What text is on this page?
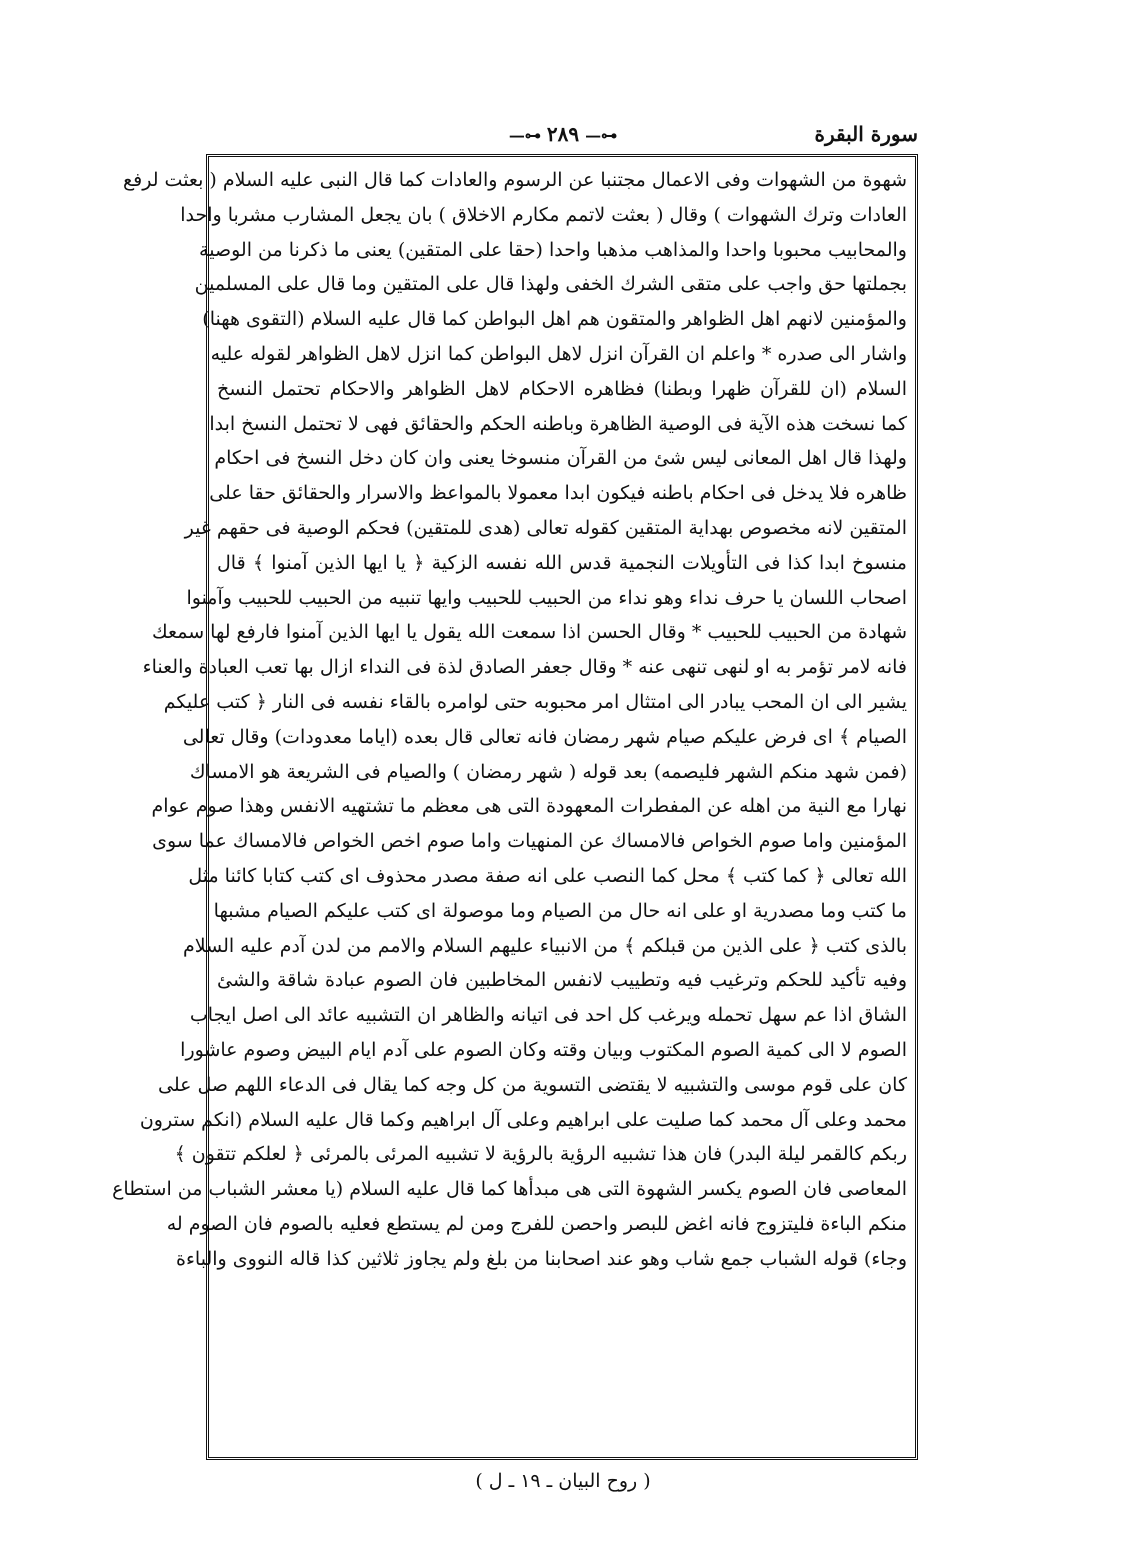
سورة البقرة
—⊶ ٢٨٩ —⊶
شهوة من الشهوات وفى الاعمال مجتنبا عن الرسوم والعادات كما قال النبى عليه السلام ( بعثت لرفع
العادات وترك الشهوات ) وقال ( بعثت لاتمم مكارم الاخلاق ) بان يجعل المشارب مشربا واحدا
والمحابيب محبوبا واحدا والمذاهب مذهبا واحدا (حقا على المتقين) يعنى ما ذكرنا من الوصية
بجملتها حق واجب على متقى الشرك الخفى ولهذا قال على المتقين وما قال على المسلمين
والمؤمنين لانهم اهل الظواهر والمتقون هم اهل البواطن كما قال عليه السلام (التقوى ههنا)
واشار الى صدره * واعلم ان القرآن انزل لاهل البواطن كما انزل لاهل الظواهر لقوله عليه
السلام (ان للقرآن ظهرا وبطنا) فظاهره الاحكام لاهل الظواهر والاحكام تحتمل النسخ
كما نسخت هذه الآية فى الوصية الظاهرة وباطنه الحكم والحقائق فهى لا تحتمل النسخ ابدا
ولهذا قال اهل المعانى ليس شئ من القرآن منسوخا يعنى وان كان دخل النسخ فى احكام
ظاهره فلا يدخل فى احكام باطنه فيكون ابدا معمولا بالمواعظ والاسرار والحقائق حقا على
المتقين لانه مخصوص بهداية المتقين كقوله تعالى (هدى للمتقين) فحكم الوصية فى حقهم غير
منسوخ ابدا كذا فى التأويلات النجمية قدس الله نفسه الزكية ﴿ يا ايها الذين آمنوا ﴾ قال
اصحاب اللسان يا حرف نداء وهو نداء من الحبيب للحبيب وايها تنبيه من الحبيب للحبيب وآمنوا
شهادة من الحبيب للحبيب * وقال الحسن اذا سمعت الله يقول يا ايها الذين آمنوا فارفع لها سمعك
فانه لامر تؤمر به او لنهى تنهى عنه * وقال جعفر الصادق لذة فى النداء ازال بها تعب العبادة والعناء
يشير الى ان المحب يبادر الى امتثال امر محبوبه حتى لوامره بالقاء نفسه فى النار ﴿ كتب عليكم
الصيام ﴾ اى فرض عليكم صيام شهر رمضان فانه تعالى قال بعده (اياما معدودات) وقال تعالى
(فمن شهد منكم الشهر فليصمه) بعد قوله ( شهر رمضان ) والصيام فى الشريعة هو الامساك
نهارا مع النية من اهله عن المفطرات المعهودة التى هى معظم ما تشتهيه الانفس وهذا صوم عوام
المؤمنين واما صوم الخواص فالامساك عن المنهيات واما صوم اخص الخواص فالامساك عما سوى
الله تعالى ﴿ كما كتب ﴾ محل كما النصب على انه صفة مصدر محذوف اى كتب كتابا كائنا مثل
ما كتب وما مصدرية او على انه حال من الصيام وما موصولة اى كتب عليكم الصيام مشبها
بالذى كتب ﴿ على الذين من قبلكم ﴾ من الانبياء عليهم السلام والامم من لدن آدم عليه السلام
وفيه تأكيد للحكم وترغيب فيه وتطييب لانفس المخاطبين فان الصوم عبادة شاقة والشئ
الشاق اذا عم سهل تحمله ويرغب كل احد فى اتيانه والظاهر ان التشبيه عائد الى اصل ايجاب
الصوم لا الى كمية الصوم المكتوب وبيان وقته وكان الصوم على آدم ايام البيض وصوم عاشورا
كان على قوم موسى والتشبيه لا يقتضى التسوية من كل وجه كما يقال فى الدعاء اللهم صل على
محمد وعلى آل محمد كما صليت على ابراهيم وعلى آل ابراهيم وكما قال عليه السلام (انكم سترون
ربكم كالقمر ليلة البدر) فان هذا تشبيه الرؤية بالرؤية لا تشبيه المرئى بالمرئى ﴿ لعلكم تتقون ﴾
المعاصى فان الصوم يكسر الشهوة التى هى مبدأها كما قال عليه السلام (يا معشر الشباب من استطاع
منكم الباءة فليتزوج فانه اغض للبصر واحصن للفرج ومن لم يستطع فعليه بالصوم فان الصوم له
وجاء) قوله الشباب جمع شاب وهو عند اصحابنا من بلغ ولم يجاوز ثلاثين كذا قاله النووى والباءة
( روح البيان ـ ١٩ ـ ل )
